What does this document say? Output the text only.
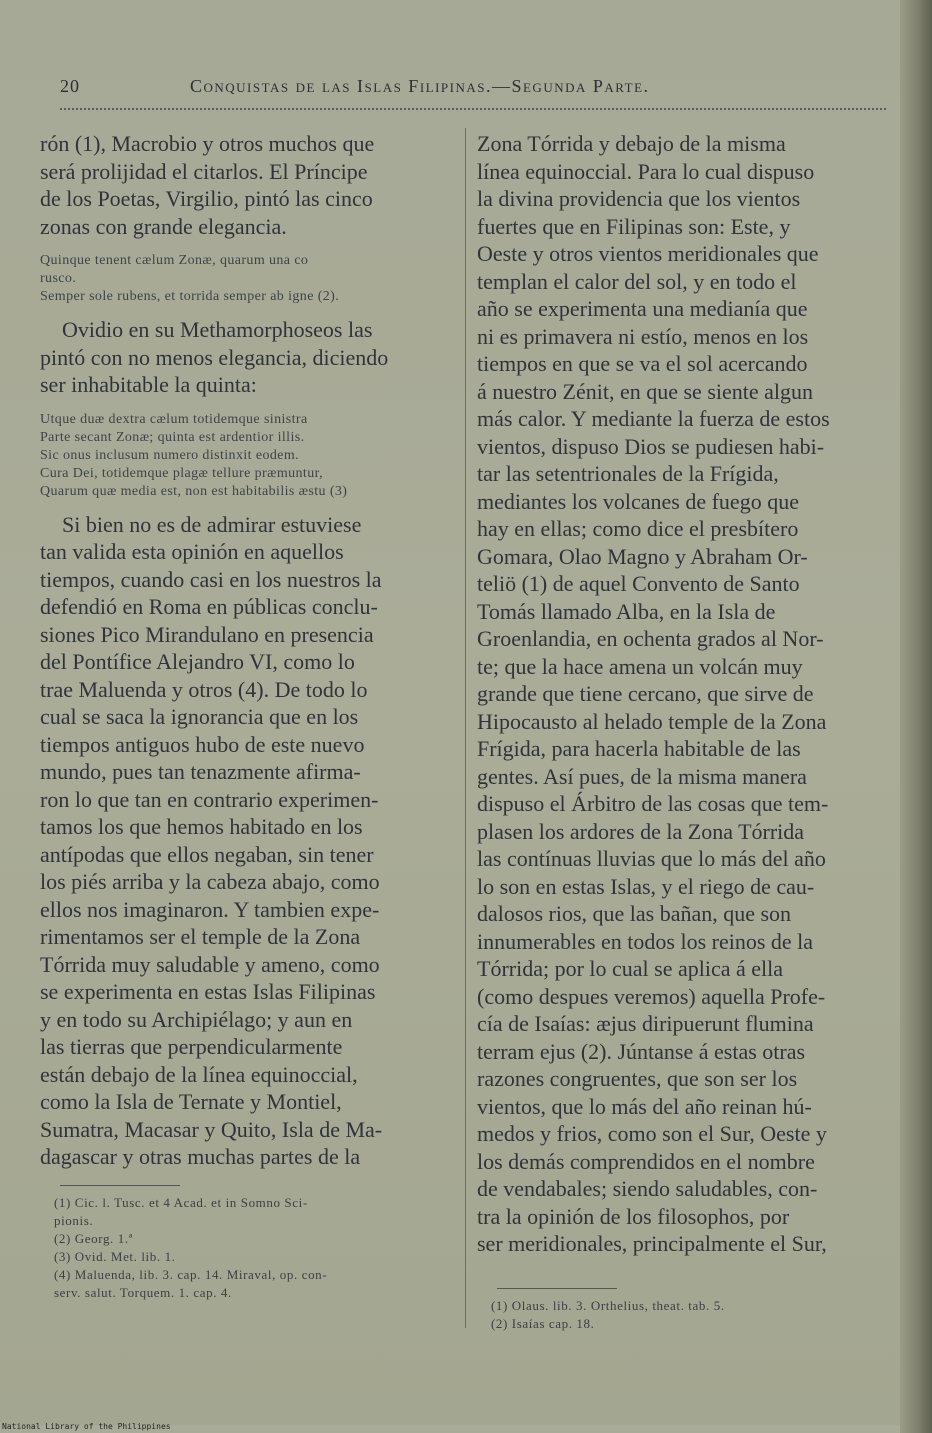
20	Conquistas de las Islas Filipinas.—Segunda Parte.

rón (1), Macrobio y otros muchos que
será prolijidad el citarlos. El Príncipe
de los Poetas, Virgilio, pintó las cinco
zonas con grande elegancia.

Quinque tenent cælum Zonæ, quarum una co
rusco.
Semper sole rubens, et torrida semper ab igne (2).

Ovidio en su Methamorphoseos las
pintó con no menos elegancia, diciendo
ser inhabitable la quinta:

Utque duæ dextra cælum totidemque sinistra
Parte secant Zonæ; quinta est ardentior illis.
Sic onus inclusum numero distinxit eodem.
Cura Dei, totidemque plagæ tellure præmuntur,
Quarum quæ media est, non est habitabilis æstu (3)

Si bien no es de admirar estuviese
tan valida esta opinión en aquellos
tiempos, cuando casi en los nuestros la
defendió en Roma en públicas conclu-
siones Pico Mirandulano en presencia
del Pontífice Alejandro VI, como lo
trae Maluenda y otros (4). De todo lo
cual se saca la ignorancia que en los
tiempos antiguos hubo de este nuevo
mundo, pues tan tenazmente afirma-
ron lo que tan en contrario experimen-
tamos los que hemos habitado en los
antípodas que ellos negaban, sin tener
los piés arriba y la cabeza abajo, como
ellos nos imaginaron. Y tambien expe-
rimentamos ser el temple de la Zona
Tórrida muy saludable y ameno, como
se experimenta en estas Islas Filipinas
y en todo su Archipiélago; y aun en
las tierras que perpendicularmente
están debajo de la línea equinoccial,
como la Isla de Ternate y Montiel,
Sumatra, Macasar y Quito, Isla de Ma-
dagascar y otras muchas partes de la

(1) Cic. l. Tusc. et 4 Acad. et in Somno Sci-
pionis.
(2) Georg. 1.ª
(3) Ovid. Met. lib. 1.
(4) Maluenda, lib. 3. cap. 14. Miraval, op. con-
serv. salut. Torquem. 1. cap. 4.

Zona Tórrida y debajo de la misma
línea equinoccial. Para lo cual dispuso
la divina providencia que los vientos
fuertes que en Filipinas son: Este, y
Oeste y otros vientos meridionales que
templan el calor del sol, y en todo el
año se experimenta una medianía que
ni es primavera ni estío, menos en los
tiempos en que se va el sol acercando
á nuestro Zénit, en que se siente algun
más calor. Y mediante la fuerza de estos
vientos, dispuso Dios se pudiesen habi-
tar las setentrionales de la Frígida,
mediantes los volcanes de fuego que
hay en ellas; como dice el presbítero
Gomara, Olao Magno y Abraham Or-
teliö (1) de aquel Convento de Santo
Tomás llamado Alba, en la Isla de
Groenlandia, en ochenta grados al Nor-
te; que la hace amena un volcán muy
grande que tiene cercano, que sirve de
Hipocausto al helado temple de la Zona
Frígida, para hacerla habitable de las
gentes. Así pues, de la misma manera
dispuso el Árbitro de las cosas que tem-
plasen los ardores de la Zona Tórrida
las contínuas lluvias que lo más del año
lo son en estas Islas, y el riego de cau-
dalosos rios, que las bañan, que son
innumerables en todos los reinos de la
Tórrida; por lo cual se aplica á ella
(como despues veremos) aquella Profe-
cía de Isaías: æjus diripuerunt flumina
terram ejus (2). Júntanse á estas otras
razones congruentes, que son ser los
vientos, que lo más del año reinan hú-
medos y frios, como son el Sur, Oeste y
los demás comprendidos en el nombre
de vendabales; siendo saludables, con-
tra la opinión de los filosophos, por
ser meridionales, principalmente el Sur,

(1) Olaus. lib. 3. Orthelius, theat. tab. 5.
(2) Isaías cap. 18.

National Library of the Philippines
